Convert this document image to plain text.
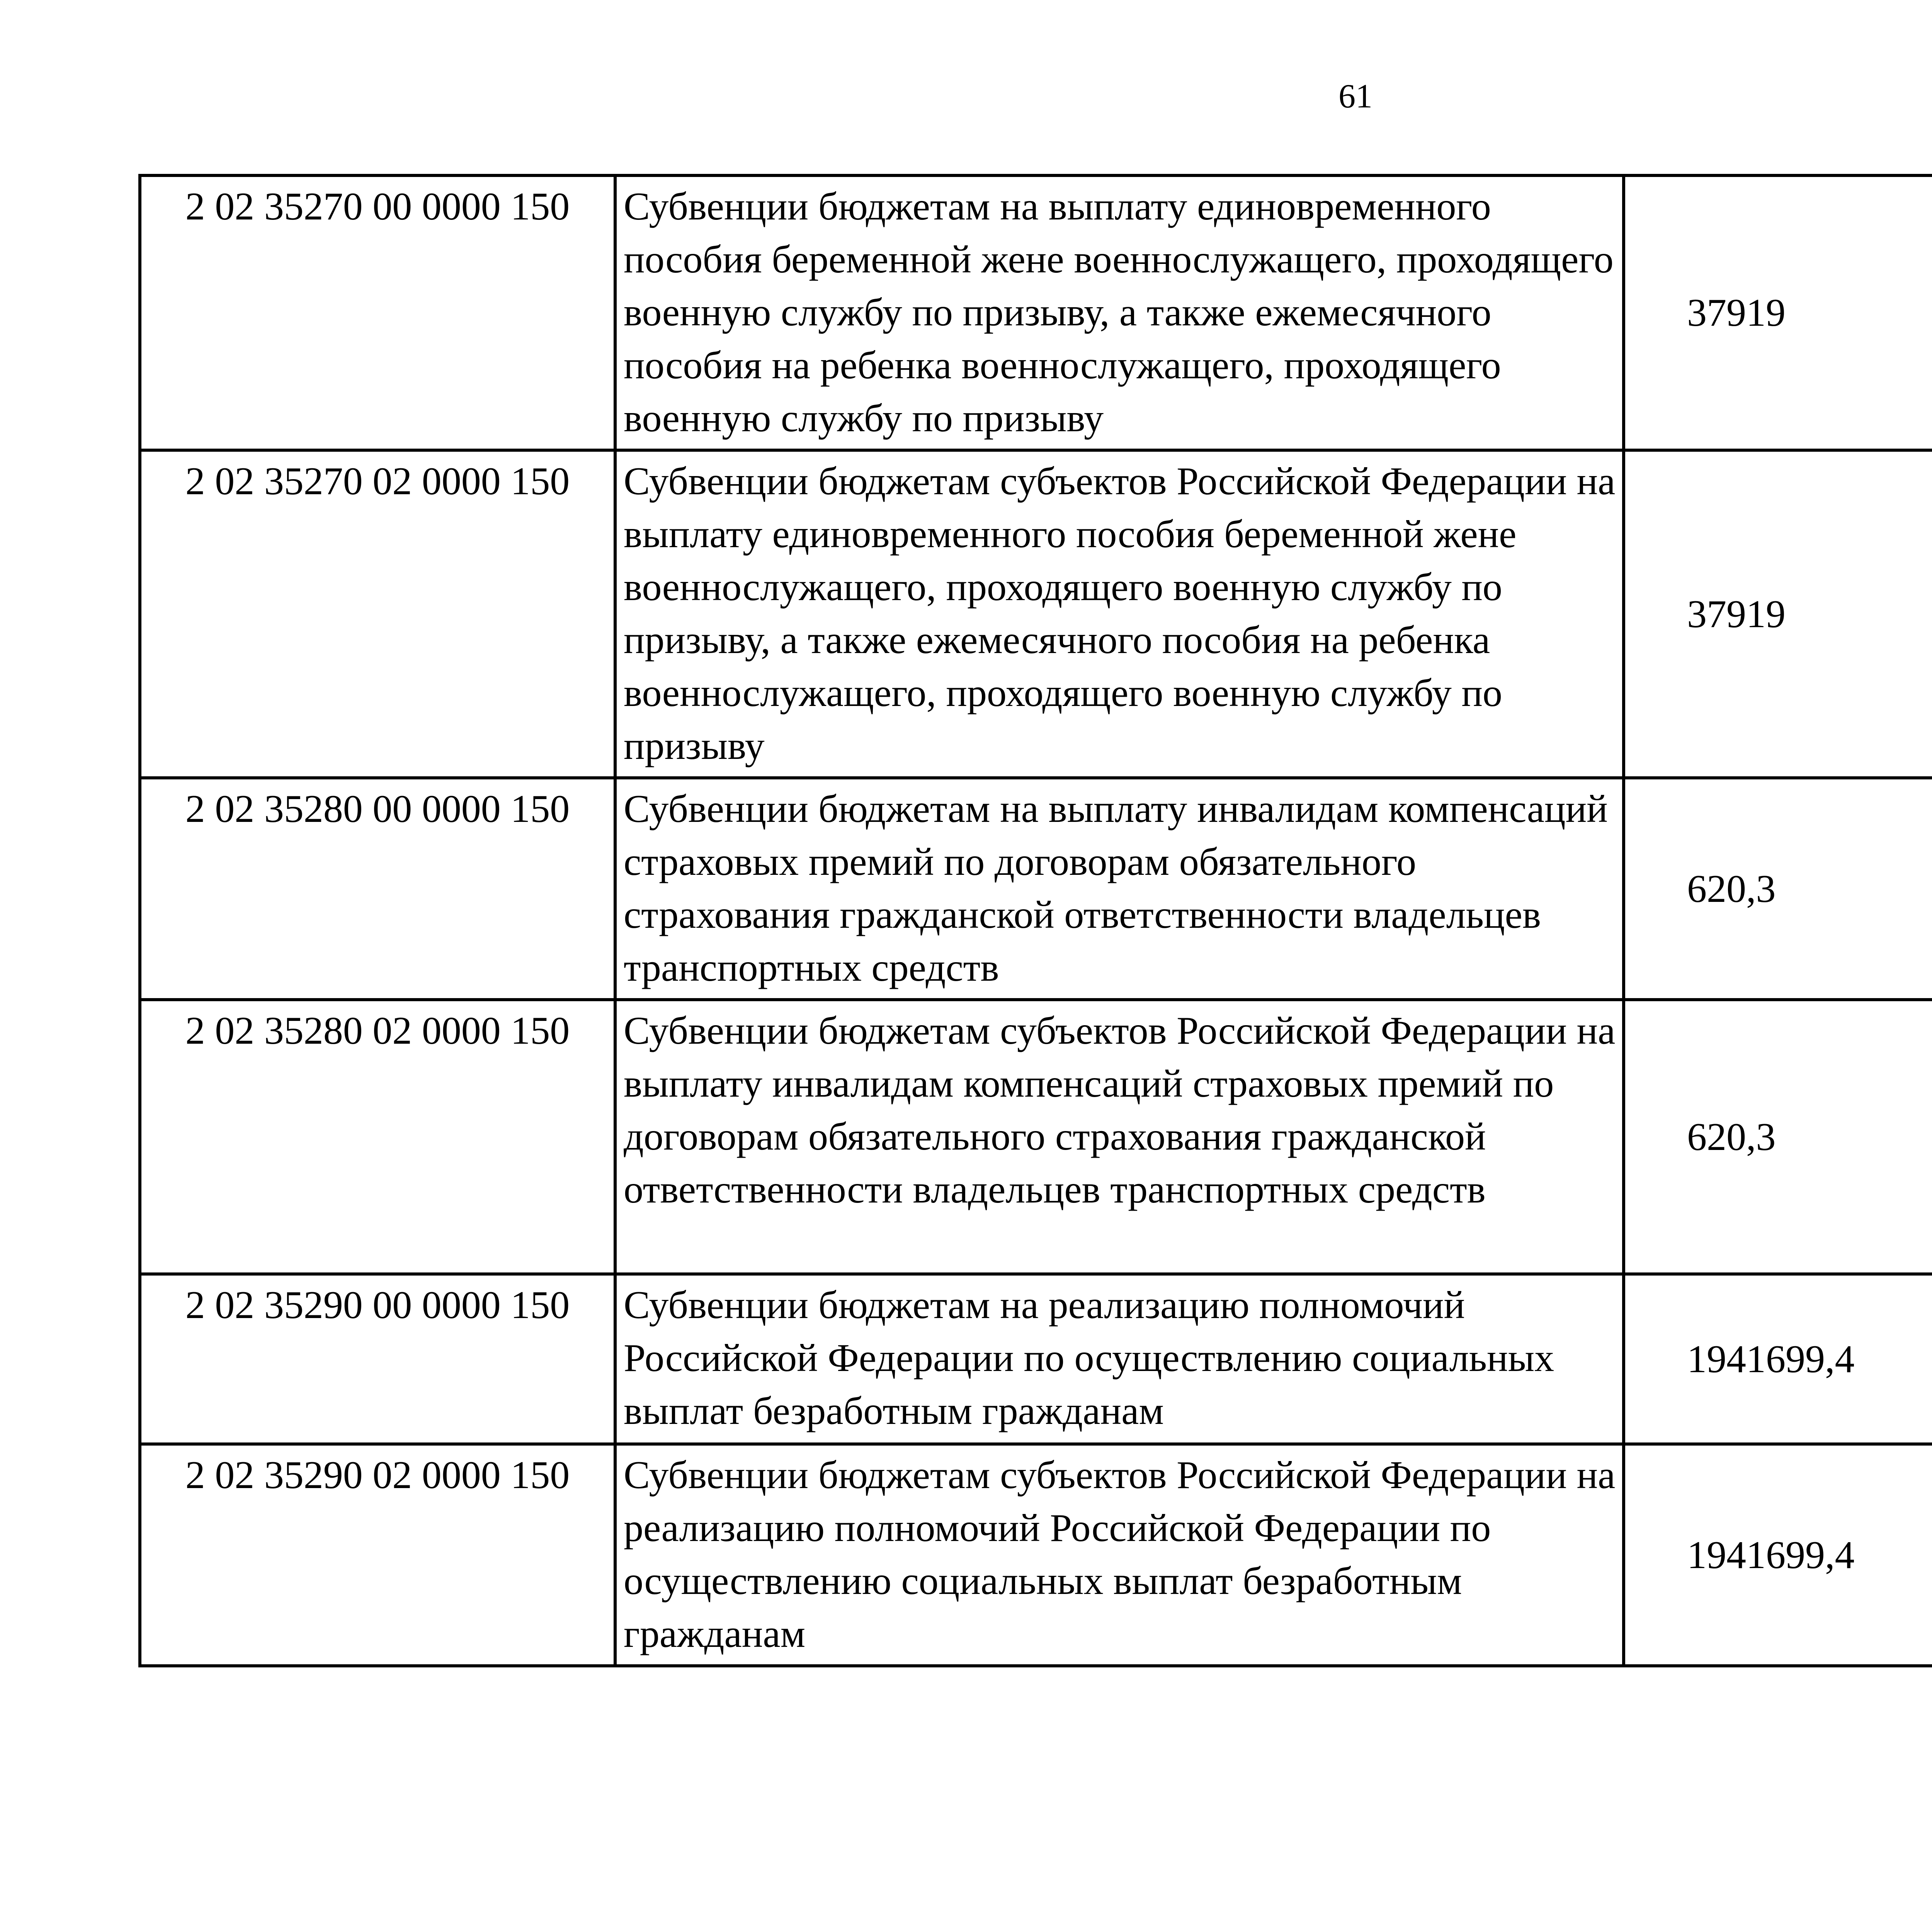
61
2 02 35270 00 0000 150	Субвенции бюджетам на выплату единовременного пособия беременной жене военнослужащего, проходящего военную службу по призыву, а также ежемесячного пособия на ребенка военнослужащего, проходящего военную службу по призыву	37919		
2 02 35270 02 0000 150	Субвенции бюджетам субъектов Российской Федерации на выплату единовременного пособия беременной жене военнослужащего, проходящего военную службу по призыву, а также ежемесячного пособия на ребенка военнослужащего, проходящего военную службу по призыву	37919		
2 02 35280 00 0000 150	Субвенции бюджетам на выплату инвалидам компенсаций страховых премий по договорам обязательного страхования гражданской ответственности владельцев транспортных средств	620,3		
2 02 35280 02 0000 150	Субвенции бюджетам субъектов Российской Федерации на выплату инвалидам компенсаций страховых премий по договорам обязательного страхования гражданской ответственности владельцев транспортных средств	620,3		
2 02 35290 00 0000 150	Субвенции бюджетам на реализацию полномочий Российской Федерации по осуществлению социальных выплат безработным гражданам	1941699,4		
2 02 35290 02 0000 150	Субвенции бюджетам субъектов Российской Федерации на реализацию полномочий Российской Федерации по осуществлению социальных выплат безработным гражданам	1941699,4		
